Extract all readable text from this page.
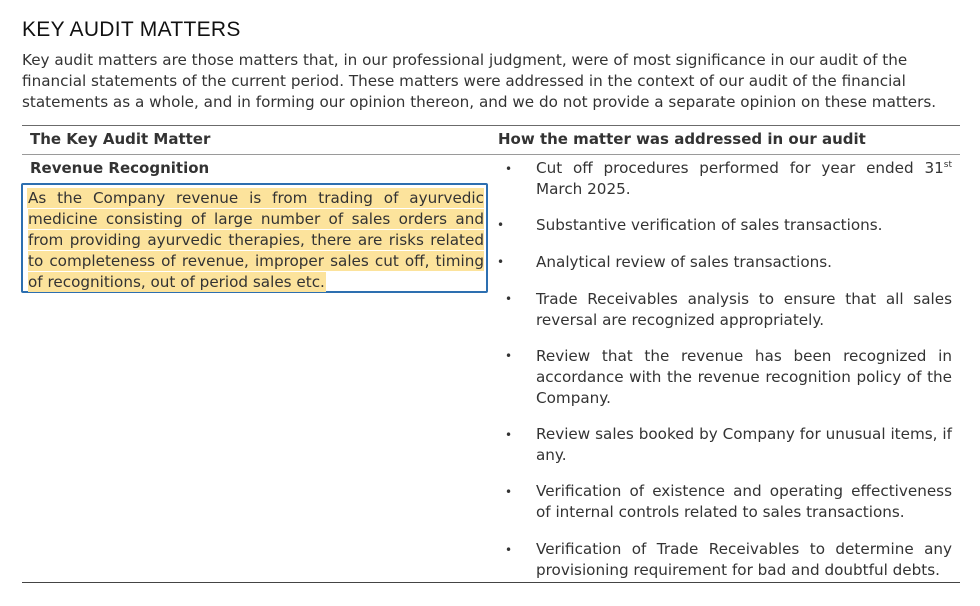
KEY AUDIT MATTERS

Key audit matters are those matters that, in our professional judgment, were of most significance in our audit of the financial statements of the current period. These matters were addressed in the context of our audit of the financial statements as a whole, and in forming our opinion thereon, and we do not provide a separate opinion on these matters.

The Key Audit Matter	How the matter was addressed in our audit
Revenue Recognition

As the Company revenue is from trading of ayurvedic medicine consisting of large number of sales orders and from providing ayurvedic therapies, there are risks related to completeness of revenue, improper sales cut off, timing of recognitions, out of period sales etc.

• Cut off procedures performed for year ended 31st March 2025.

• Substantive verification of sales transactions.

• Analytical review of sales transactions.

• Trade Receivables analysis to ensure that all sales reversal are recognized appropriately.

• Review that the revenue has been recognized in accordance with the revenue recognition policy of the Company.

• Review sales booked by Company for unusual items, if any.

• Verification of existence and operating effectiveness of internal controls related to sales transactions.

• Verification of Trade Receivables to determine any provisioning requirement for bad and doubtful debts.
